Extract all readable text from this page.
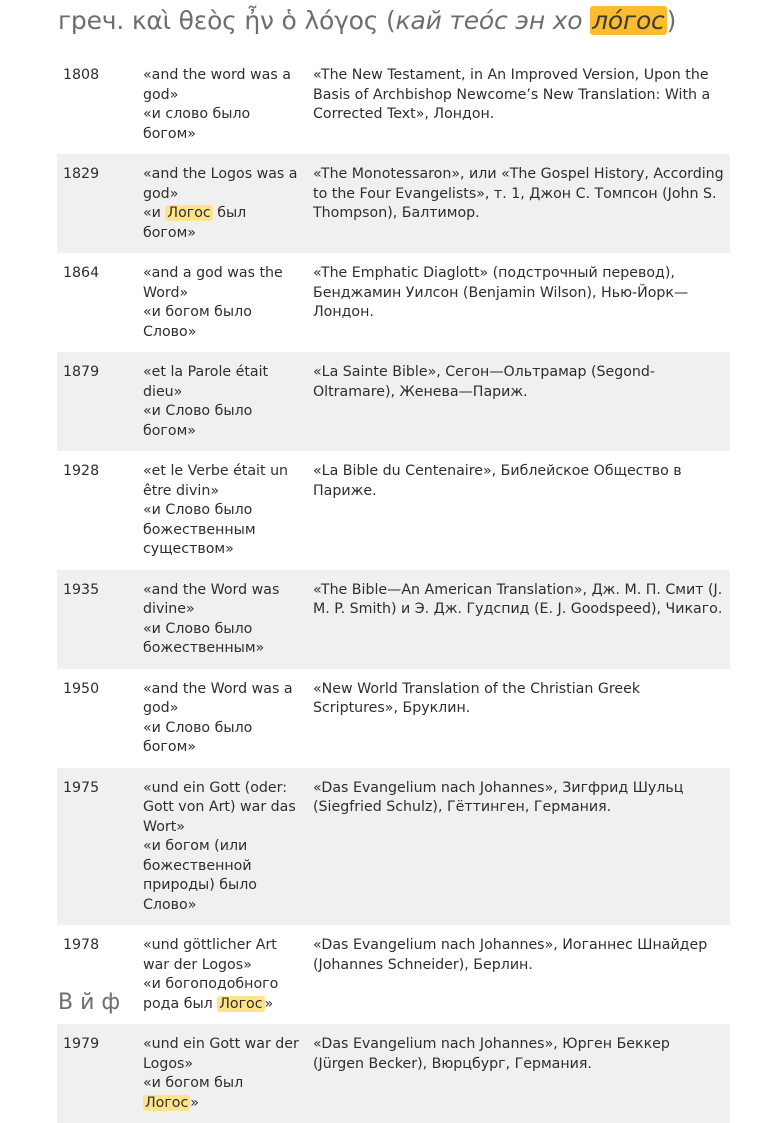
греч. καὶ θεὸς ἦν ὁ λόγος (кай теóс эн хо лóгос)
1808	«and the word was a god»
«и слово было богом»	«The New Testament, in An Improved Version, Upon the Basis of Archbishop Newcome’s New Translation: With a Corrected Text», Лондон.
1829	«and the Logos was a god»
«и Логос был богом»	«The Monotessaron», или «The Gospel History, According to the Four Evangelists», т. 1, Джон С. Томпсон (John S. Thompson), Балтимор.
1864	«and a god was the Word»
«и богом было Слово»	«The Emphatic Diaglott» (подстрочный перевод), Бенджамин Уилсон (Benjamin Wilson), Нью-Йорк—Лондон.
1879	«et la Parole était dieu»
«и Слово было богом»	«La Sainte Bible», Сегон—Ольтрамар (Segond-Oltramare), Женева—Париж.
1928	«et le Verbe était un être divin»
«и Слово было божественным существом»	«La Bible du Centenaire», Библейское Общество в Париже.
1935	«and the Word was divine»
«и Слово было божественным»	«The Bible—An American Translation», Дж. М. П. Смит (J. M. P. Smith) и Э. Дж. Гудспид (E. J. Goodspeed), Чикаго.
1950	«and the Word was a god»
«и Слово было богом»	«New World Translation of the Christian Greek Scriptures», Бруклин.
1975	«und ein Gott (oder: Gott von Art) war das Wort»
«и богом (или божественной природы) было Слово»	«Das Evangelium nach Johannes», Зигфрид Шульц (Siegfried Schulz), Гёттинген, Германия.
1978	«und göttlicher Art war der Logos»
«и богоподобного рода был Логос »	«Das Evangelium nach Johannes», Иоганнес Шнайдер (Johannes Schneider), Берлин.
1979	«und ein Gott war der Logos»
«и богом был Логос »	«Das Evangelium nach Johannes», Юрген Беккер (Jürgen Becker), Вюрцбург, Германия.
В й ф
